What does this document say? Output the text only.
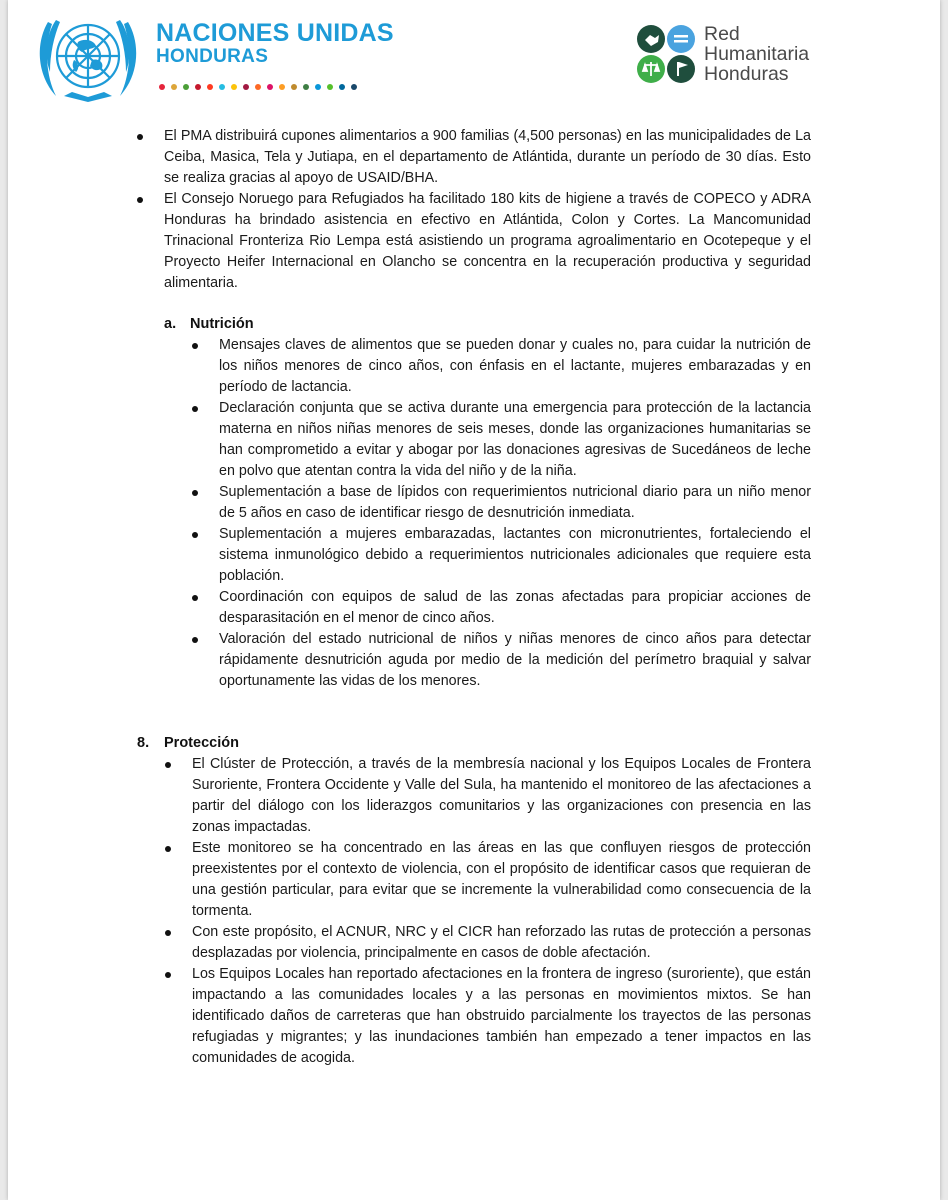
NACIONES UNIDAS
HONDURAS
Red
Humanitaria
Honduras
El PMA distribuirá cupones alimentarios a 900 familias (4,500 personas) en las municipalidades de La Ceiba, Masica, Tela y Jutiapa, en el departamento de Atlántida, durante un período de 30 días. Esto se realiza gracias al apoyo de USAID/BHA.
El Consejo Noruego para Refugiados ha facilitado 180 kits de higiene a través de COPECO y ADRA Honduras ha brindado asistencia en efectivo en Atlántida, Colon y Cortes. La Mancomunidad Trinacional Fronteriza Rio Lempa está asistiendo un programa agroalimentario en Ocotepeque y el Proyecto Heifer Internacional en Olancho se concentra en la recuperación productiva y seguridad alimentaria.
a. Nutrición
Mensajes claves de alimentos que se pueden donar y cuales no, para cuidar la nutrición de los niños menores de cinco años, con énfasis en el lactante, mujeres embarazadas y en período de lactancia.
Declaración conjunta que se activa durante una emergencia para protección de la lactancia materna en niños niñas menores de seis meses, donde las organizaciones humanitarias se han comprometido a evitar y abogar por las donaciones agresivas de Sucedáneos de leche en polvo que atentan contra la vida del niño y de la niña.
Suplementación a base de lípidos con requerimientos nutricional diario para un niño menor de 5 años en caso de identificar riesgo de desnutrición inmediata.
Suplementación a mujeres embarazadas, lactantes con micronutrientes, fortaleciendo el sistema inmunológico debido a requerimientos nutricionales adicionales que requiere esta población.
Coordinación con equipos de salud de las zonas afectadas para propiciar acciones de desparasitación en el menor de cinco años.
Valoración del estado nutricional de niños y niñas menores de cinco años para detectar rápidamente desnutrición aguda por medio de la medición del perímetro braquial y salvar oportunamente las vidas de los menores.
8. Protección
El Clúster de Protección, a través de la membresía nacional y los Equipos Locales de Frontera Suroriente, Frontera Occidente y Valle del Sula, ha mantenido el monitoreo de las afectaciones a partir del diálogo con los liderazgos comunitarios y las organizaciones con presencia en las zonas impactadas.
Este monitoreo se ha concentrado en las áreas en las que confluyen riesgos de protección preexistentes por el contexto de violencia, con el propósito de identificar casos que requieran de una gestión particular, para evitar que se incremente la vulnerabilidad como consecuencia de la tormenta.
Con este propósito, el ACNUR, NRC y el CICR han reforzado las rutas de protección a personas desplazadas por violencia, principalmente en casos de doble afectación.
Los Equipos Locales han reportado afectaciones en la frontera de ingreso (suroriente), que están impactando a las comunidades locales y a las personas en movimientos mixtos. Se han identificado daños de carreteras que han obstruido parcialmente los trayectos de las personas refugiadas y migrantes; y las inundaciones también han empezado a tener impactos en las comunidades de acogida.
